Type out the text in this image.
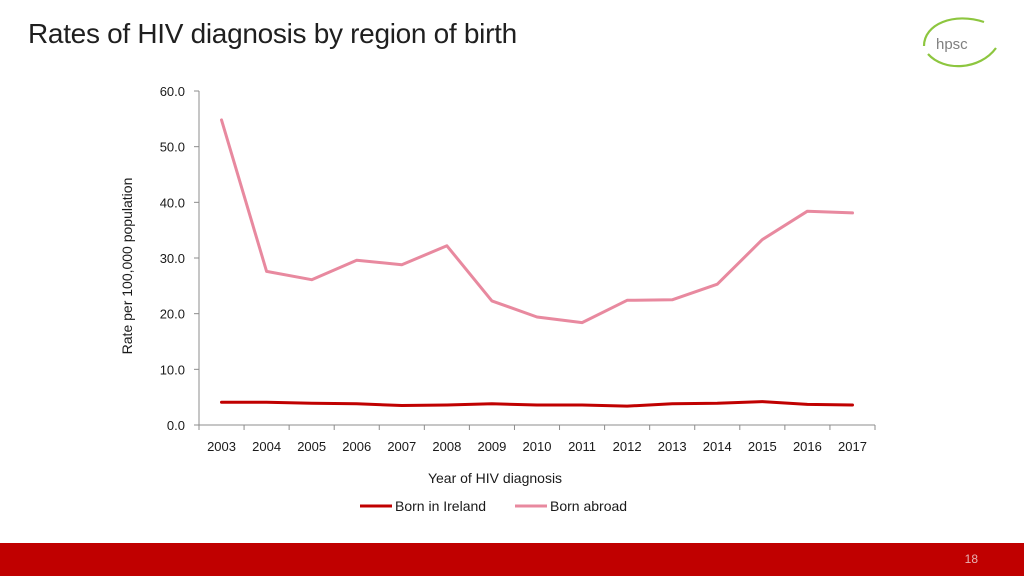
Rates of HIV diagnosis by region of birth	hpsc
0.0
10.0
20.0
30.0
40.0
50.0
60.0
2003 2004 2005 2006 2007 2008 2009 2010 2011 2012 2013 2014 2015 2016 2017
Rate per 100,000 population
Year of HIV diagnosis
Born in Ireland	Born abroad
18
